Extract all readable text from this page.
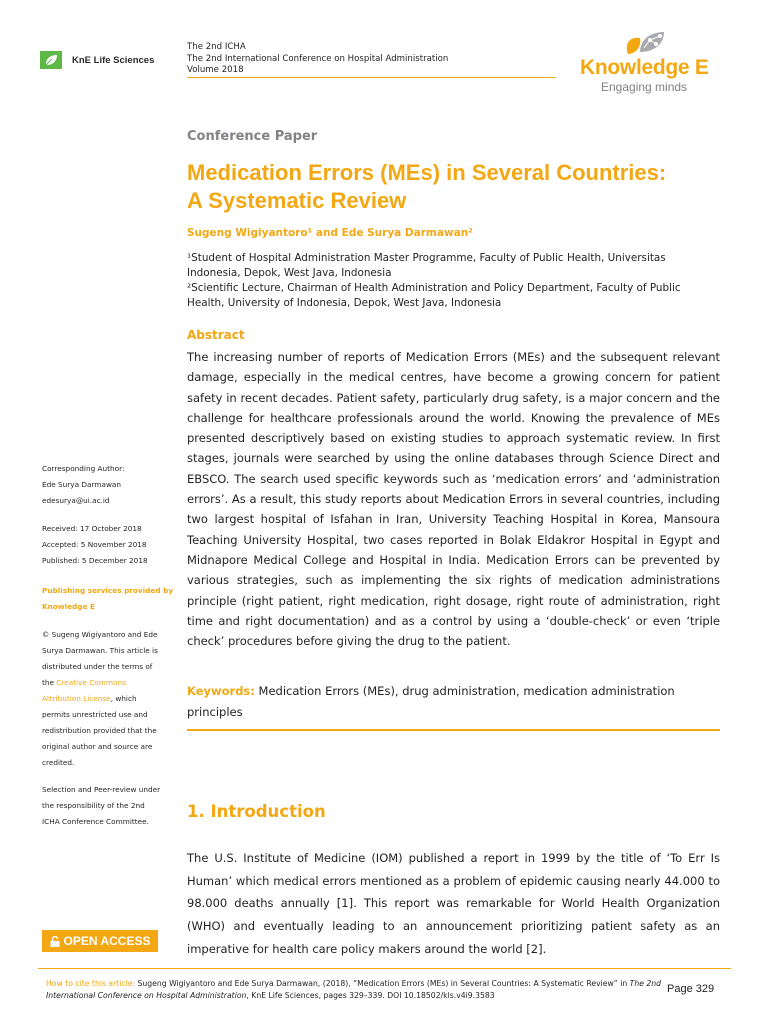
KnE Life Sciences
The 2nd ICHA
The 2nd International Conference on Hospital Administration
Volume 2018	Knowledge E
Engaging minds
Corresponding Author:
Ede Surya Darmawan
edesurya@ui.ac.id
Received: 17 October 2018
Accepted: 5 November 2018
Published: 5 December 2018
Publishing services provided by
Knowledge E
© Sugeng Wigiyantoro and Ede
Surya Darmawan. This article is
distributed under the terms of
the Creative Commons
Attribution License, which
permits unrestricted use and
redistribution provided that the
original author and source are
credited.
Selection and Peer-review under
the responsibility of the 2nd
ICHA Conference Committee.
OPEN ACCESS
Conference Paper
Medication Errors (MEs) in Several Countries:
A Systematic Review
Sugeng Wigiyantoro¹ and Ede Surya Darmawan²
¹Student of Hospital Administration Master Programme, Faculty of Public Health, Universitas Indonesia, Depok, West Java, Indonesia
²Scientific Lecture, Chairman of Health Administration and Policy Department, Faculty of Public Health, University of Indonesia, Depok, West Java, Indonesia
Abstract
The increasing number of reports of Medication Errors (MEs) and the subsequent relevant damage, especially in the medical centres, have become a growing concern for patient safety in recent decades. Patient safety, particularly drug safety, is a major concern and the challenge for healthcare professionals around the world. Knowing the prevalence of MEs presented descriptively based on existing studies to approach systematic review. In first stages, journals were searched by using the online databases through Science Direct and EBSCO. The search used specific keywords such as ‘medication errors’ and ‘administration errors’. As a result, this study reports about Medication Errors in several countries, including two largest hospital of Isfahan in Iran, University Teaching Hospital in Korea, Mansoura Teaching University Hospital, two cases reported in Bolak Eldakror Hospital in Egypt and Midnapore Medical College and Hospital in India. Medication Errors can be prevented by various strategies, such as implementing the six rights of medication administrations principle (right patient, right medication, right dosage, right route of administration, right time and right documentation) and as a control by using a ‘double-check’ or even ‘triple check’ procedures before giving the drug to the patient.
Keywords: Medication Errors (MEs), drug administration, medication administration principles
1. Introduction
The U.S. Institute of Medicine (IOM) published a report in 1999 by the title of ‘To Err Is Human’ which medical errors mentioned as a problem of epidemic causing nearly 44.000 to 98.000 deaths annually [1]. This report was remarkable for World Health Organization (WHO) and eventually leading to an announcement prioritizing patient safety as an imperative for health care policy makers around the world [2].
How to cite this article: Sugeng Wigiyantoro and Ede Surya Darmawan, (2018), “Medication Errors (MEs) in Several Countries: A Systematic Review” in The 2nd International Conference on Hospital Administration, KnE Life Sciences, pages 329–339. DOI 10.18502/kls.v4i9.3583	Page 329
